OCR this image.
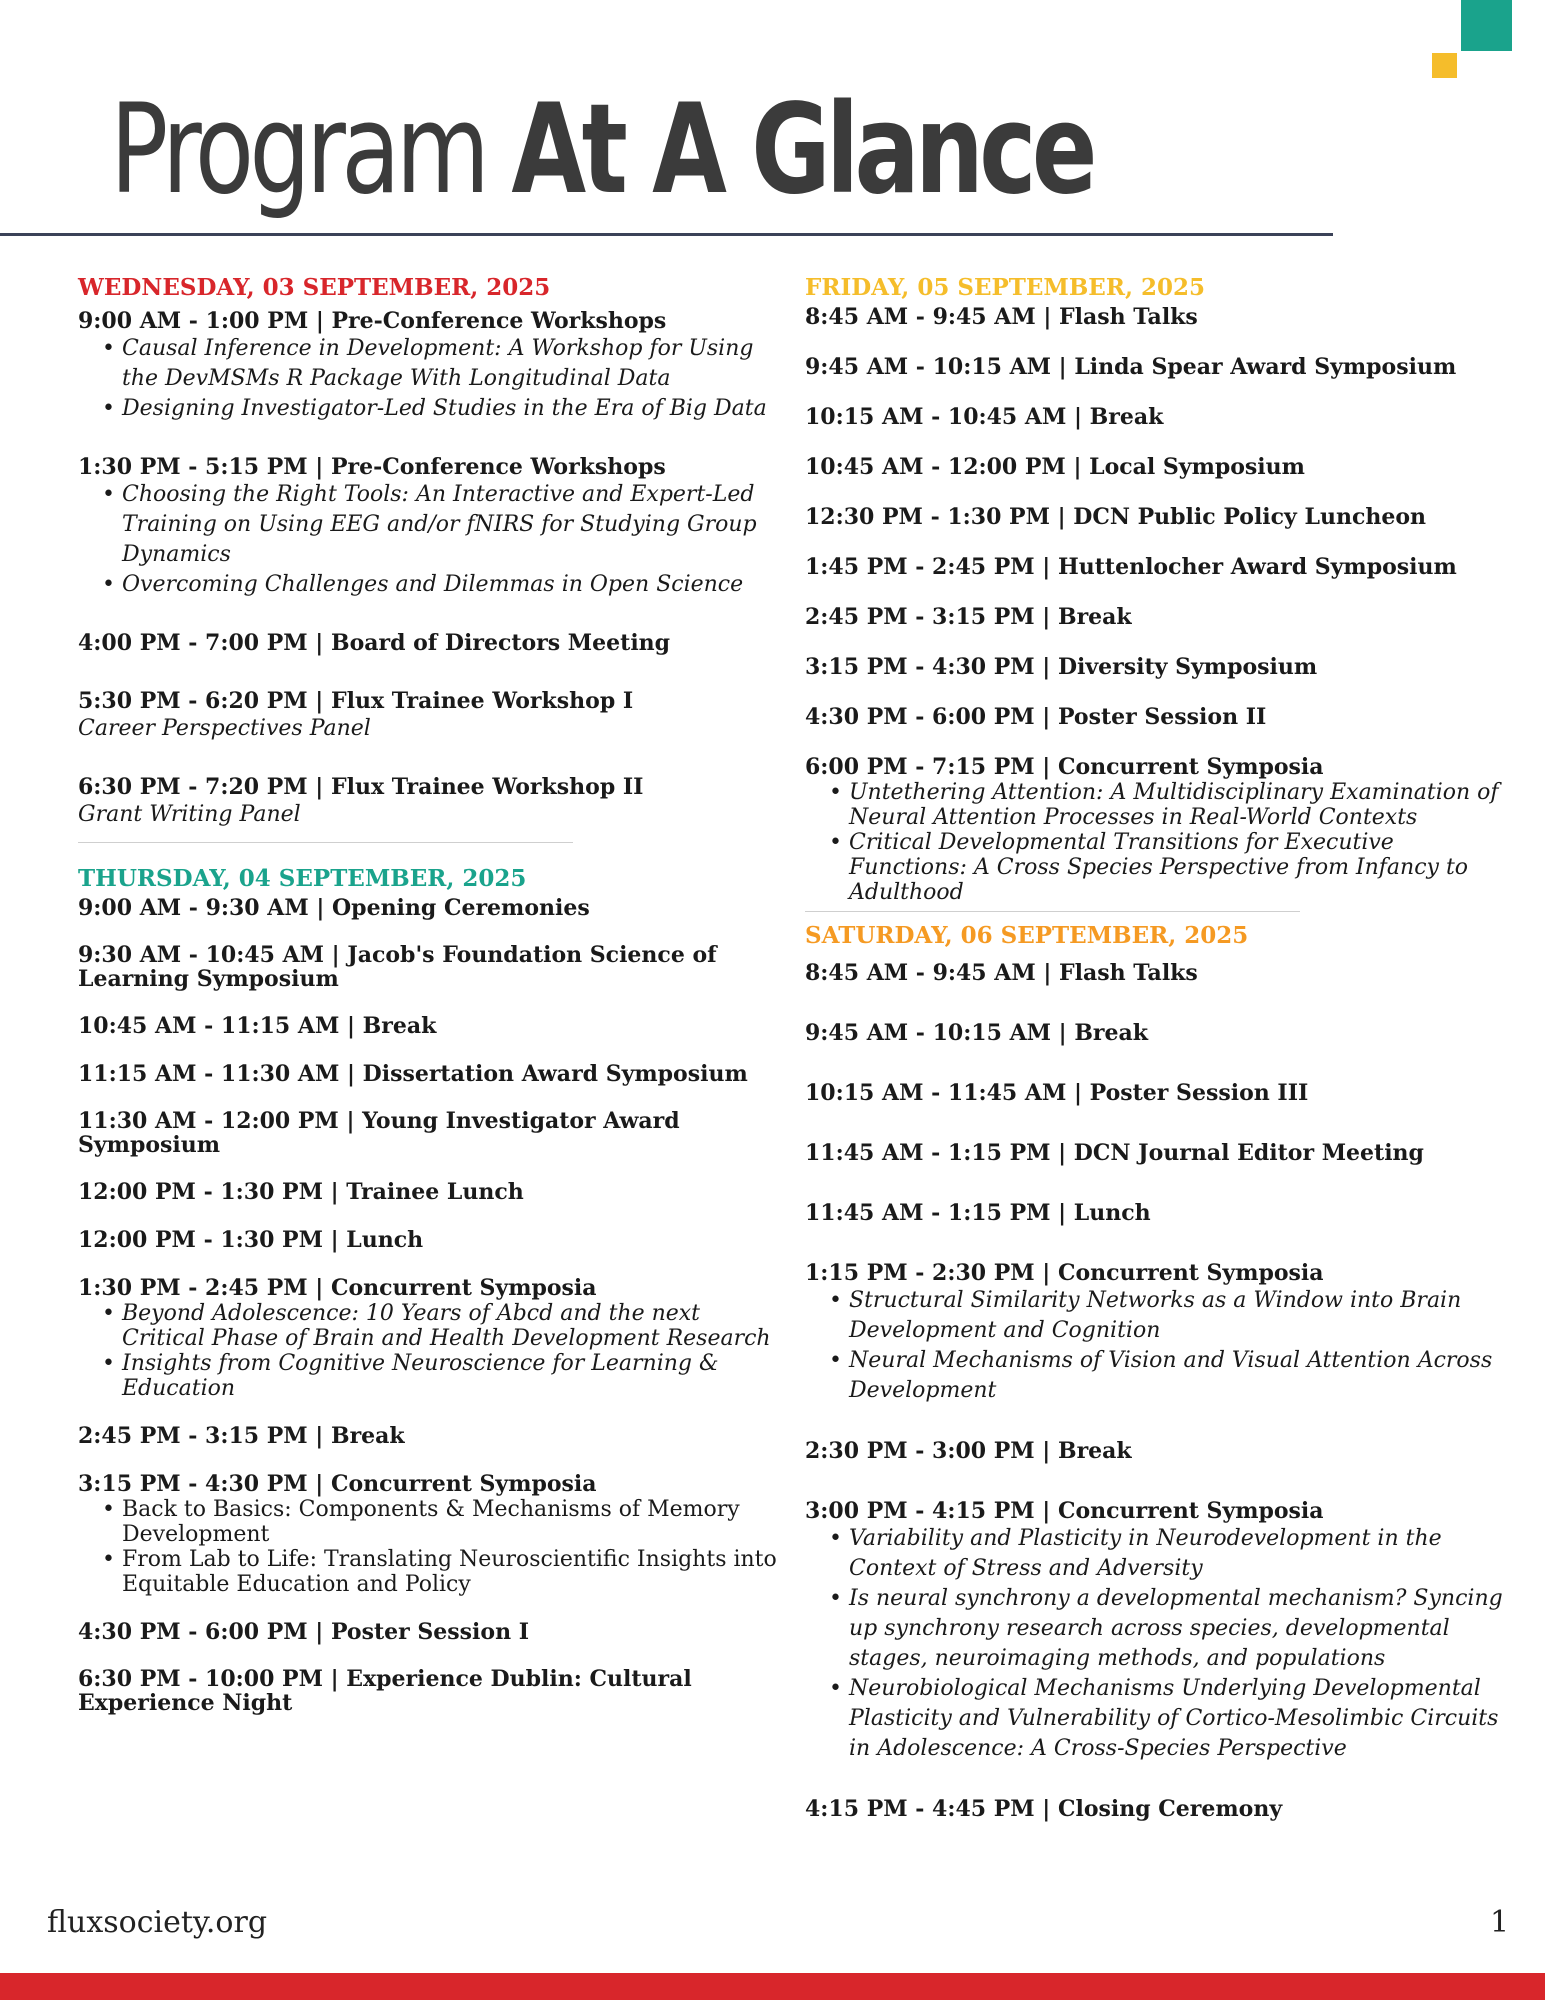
Program At A Glance

WEDNESDAY, 03 SEPTEMBER, 2025

9:00 AM - 1:00 PM | Pre-Conference Workshops

• Causal Inference in Development: A Workshop for Using the DevMSMs R Package With Longitudinal Data
• Designing Investigator-Led Studies in the Era of Big Data

1:30 PM - 5:15 PM | Pre-Conference Workshops

• Choosing the Right Tools: An Interactive and Expert-Led Training on Using EEG and/or fNIRS for Studying Group Dynamics
• Overcoming Challenges and Dilemmas in Open Science

4:00 PM - 7:00 PM | Board of Directors Meeting

5:30 PM - 6:20 PM | Flux Trainee Workshop I

Career Perspectives Panel

6:30 PM - 7:20 PM | Flux Trainee Workshop II

Grant Writing Panel

THURSDAY, 04 SEPTEMBER, 2025

9:00 AM - 9:30 AM | Opening Ceremonies

9:30 AM - 10:45 AM | Jacob's Foundation Science of Learning Symposium

10:45 AM - 11:15 AM | Break

11:15 AM - 11:30 AM | Dissertation Award Symposium

11:30 AM - 12:00 PM | Young Investigator Award Symposium

12:00 PM - 1:30 PM | Trainee Lunch

12:00 PM - 1:30 PM | Lunch

1:30 PM - 2:45 PM | Concurrent Symposia

• Beyond Adolescence: 10 Years of Abcd and the next Critical Phase of Brain and Health Development Research
• Insights from Cognitive Neuroscience for Learning & Education

2:45 PM - 3:15 PM | Break

3:15 PM - 4:30 PM | Concurrent Symposia

• Back to Basics: Components & Mechanisms of Memory Development
• From Lab to Life: Translating Neuroscientific Insights into Equitable Education and Policy

4:30 PM - 6:00 PM | Poster Session I

6:30 PM - 10:00 PM | Experience Dublin: Cultural Experience Night

FRIDAY, 05 SEPTEMBER, 2025

8:45 AM - 9:45 AM | Flash Talks

9:45 AM - 10:15 AM | Linda Spear Award Symposium

10:15 AM - 10:45 AM | Break

10:45 AM - 12:00 PM | Local Symposium

12:30 PM - 1:30 PM | DCN Public Policy Luncheon

1:45 PM - 2:45 PM | Huttenlocher Award Symposium

2:45 PM - 3:15 PM | Break

3:15 PM - 4:30 PM | Diversity Symposium

4:30 PM - 6:00 PM | Poster Session II

6:00 PM - 7:15 PM | Concurrent Symposia

• Untethering Attention: A Multidisciplinary Examination of Neural Attention Processes in Real-World Contexts
• Critical Developmental Transitions for Executive Functions: A Cross Species Perspective from Infancy to Adulthood

SATURDAY, 06 SEPTEMBER, 2025

8:45 AM - 9:45 AM | Flash Talks

9:45 AM - 10:15 AM | Break

10:15 AM - 11:45 AM | Poster Session III

11:45 AM - 1:15 PM | DCN Journal Editor Meeting

11:45 AM - 1:15 PM | Lunch

1:15 PM - 2:30 PM | Concurrent Symposia

• Structural Similarity Networks as a Window into Brain Development and Cognition
• Neural Mechanisms of Vision and Visual Attention Across Development

2:30 PM - 3:00 PM | Break

3:00 PM - 4:15 PM | Concurrent Symposia

• Variability and Plasticity in Neurodevelopment in the Context of Stress and Adversity
• Is neural synchrony a developmental mechanism? Syncing up synchrony research across species, developmental stages, neuroimaging methods, and populations
• Neurobiological Mechanisms Underlying Developmental Plasticity and Vulnerability of Cortico-Mesolimbic Circuits in Adolescence: A Cross-Species Perspective

4:15 PM - 4:45 PM | Closing Ceremony

fluxsociety.org	1
